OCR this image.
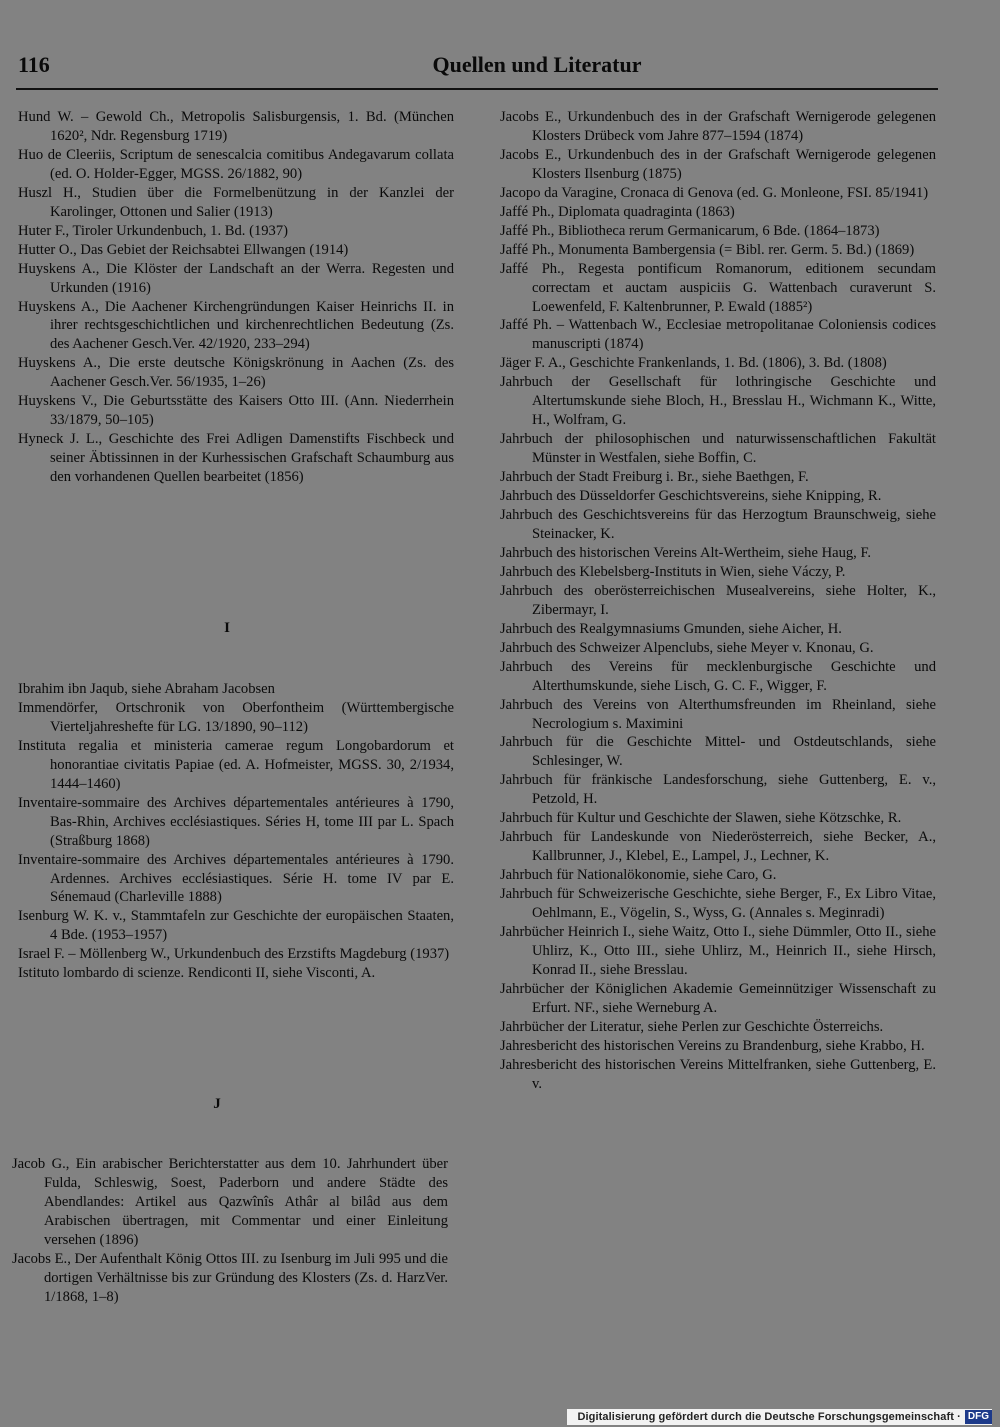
116	Quellen und Literatur

Hund W. – Gewold Ch., Metropolis Salisburgensis, 1. Bd. (München 1620², Ndr. Regensburg 1719)

Huo de Cleeriis, Scriptum de senescalcia comitibus Andegavarum collata (ed. O. Holder-Egger, MGSS. 26/1882, 90)

Huszl H., Studien über die Formelbenützung in der Kanzlei der Karolinger, Ottonen und Salier (1913)

Huter F., Tiroler Urkundenbuch, 1. Bd. (1937)

Hutter O., Das Gebiet der Reichsabtei Ellwangen (1914)

Huyskens A., Die Klöster der Landschaft an der Werra. Regesten und Urkunden (1916)

Huyskens A., Die Aachener Kirchengründungen Kaiser Heinrichs II. in ihrer rechtsgeschichtlichen und kirchenrechtlichen Bedeutung (Zs. des Aachener Gesch.Ver. 42/1920, 233–294)

Huyskens A., Die erste deutsche Königskrönung in Aachen (Zs. des Aachener Gesch.Ver. 56/1935, 1–26)

Huyskens V., Die Geburtsstätte des Kaisers Otto III. (Ann. Niederrhein 33/1879, 50–105)

Hyneck J. L., Geschichte des Frei Adligen Damenstifts Fischbeck und seiner Äbtissinnen in der Kurhessischen Grafschaft Schaumburg aus den vorhandenen Quellen bearbeitet (1856)

I

Ibrahim ibn Jaqub, siehe Abraham Jacobsen

Immendörfer, Ortschronik von Oberfontheim (Württembergische Vierteljahreshefte für LG. 13/1890, 90–112)

Instituta regalia et ministeria camerae regum Longobardorum et honorantiae civitatis Papiae (ed. A. Hofmeister, MGSS. 30, 2/1934, 1444–1460)

Inventaire-sommaire des Archives départementales antérieures à 1790, Bas-Rhin, Archives ecclésiastiques. Séries H, tome III par L. Spach (Straßburg 1868)

Inventaire-sommaire des Archives départementales antérieures à 1790. Ardennes. Archives ecclésiastiques. Série H. tome IV par E. Sénemaud (Charleville 1888)

Isenburg W. K. v., Stammtafeln zur Geschichte der europäischen Staaten, 4 Bde. (1953–1957)

Israel F. – Möllenberg W., Urkundenbuch des Erzstifts Magdeburg (1937)

Istituto lombardo di scienze. Rendiconti II, siehe Visconti, A.

J

Jacob G., Ein arabischer Berichterstatter aus dem 10. Jahrhundert über Fulda, Schleswig, Soest, Paderborn und andere Städte des Abendlandes: Artikel aus Qazwînîs Athâr al bilâd aus dem Arabischen übertragen, mit Commentar und einer Einleitung versehen (1896)

Jacobs E., Der Aufenthalt König Ottos III. zu Isenburg im Juli 995 und die dortigen Verhältnisse bis zur Gründung des Klosters (Zs. d. HarzVer. 1/1868, 1–8)

Jacobs E., Urkundenbuch des in der Grafschaft Wernigerode gelegenen Klosters Drübeck vom Jahre 877–1594 (1874)

Jacobs E., Urkundenbuch des in der Grafschaft Wernigerode gelegenen Klosters Ilsenburg (1875)

Jacopo da Varagine, Cronaca di Genova (ed. G. Monleone, FSI. 85/1941)

Jaffé Ph., Diplomata quadraginta (1863)

Jaffé Ph., Bibliotheca rerum Germanicarum, 6 Bde. (1864–1873)

Jaffé Ph., Monumenta Bambergensia (= Bibl. rer. Germ. 5. Bd.) (1869)

Jaffé Ph., Regesta pontificum Romanorum, editionem secundam correctam et auctam auspiciis G. Wattenbach curaverunt S. Loewenfeld, F. Kaltenbrunner, P. Ewald (1885²)

Jaffé Ph. – Wattenbach W., Ecclesiae metropolitanae Coloniensis codices manuscripti (1874)

Jäger F. A., Geschichte Frankenlands, 1. Bd. (1806), 3. Bd. (1808)

Jahrbuch der Gesellschaft für lothringische Geschichte und Altertumskunde siehe Bloch, H., Bresslau H., Wichmann K., Witte, H., Wolfram, G.

Jahrbuch der philosophischen und naturwissenschaftlichen Fakultät Münster in Westfalen, siehe Boffin, C.

Jahrbuch der Stadt Freiburg i. Br., siehe Baethgen, F.

Jahrbuch des Düsseldorfer Geschichtsvereins, siehe Knipping, R.

Jahrbuch des Geschichtsvereins für das Herzogtum Braunschweig, siehe Steinacker, K.

Jahrbuch des historischen Vereins Alt-Wertheim, siehe Haug, F.

Jahrbuch des Klebelsberg-Instituts in Wien, siehe Váczy, P.

Jahrbuch des oberösterreichischen Musealvereins, siehe Holter, K., Zibermayr, I.

Jahrbuch des Realgymnasiums Gmunden, siehe Aicher, H.

Jahrbuch des Schweizer Alpenclubs, siehe Meyer v. Knonau, G.

Jahrbuch des Vereins für mecklenburgische Geschichte und Alterthumskunde, siehe Lisch, G. C. F., Wigger, F.

Jahrbuch des Vereins von Alterthumsfreunden im Rheinland, siehe Necrologium s. Maximini

Jahrbuch für die Geschichte Mittel- und Ostdeutschlands, siehe Schlesinger, W.

Jahrbuch für fränkische Landesforschung, siehe Guttenberg, E. v., Petzold, H.

Jahrbuch für Kultur und Geschichte der Slawen, siehe Kötzschke, R.

Jahrbuch für Landeskunde von Niederösterreich, siehe Becker, A., Kallbrunner, J., Klebel, E., Lampel, J., Lechner, K.

Jahrbuch für Nationalökonomie, siehe Caro, G.

Jahrbuch für Schweizerische Geschichte, siehe Berger, F., Ex Libro Vitae, Oehlmann, E., Vögelin, S., Wyss, G. (Annales s. Meginradi)

Jahrbücher Heinrich I., siehe Waitz, Otto I., siehe Dümmler, Otto II., siehe Uhlirz, K., Otto III., siehe Uhlirz, M., Heinrich II., siehe Hirsch, Konrad II., siehe Bresslau.

Jahrbücher der Königlichen Akademie Gemeinnütziger Wissenschaft zu Erfurt. NF., siehe Werneburg A.

Jahrbücher der Literatur, siehe Perlen zur Geschichte Österreichs.

Jahresbericht des historischen Vereins zu Brandenburg, siehe Krabbo, H.

Jahresbericht des historischen Vereins Mittelfranken, siehe Guttenberg, E. v.

Digitalisierung gefördert durch die Deutsche Forschungsgemeinschaft · DFG
